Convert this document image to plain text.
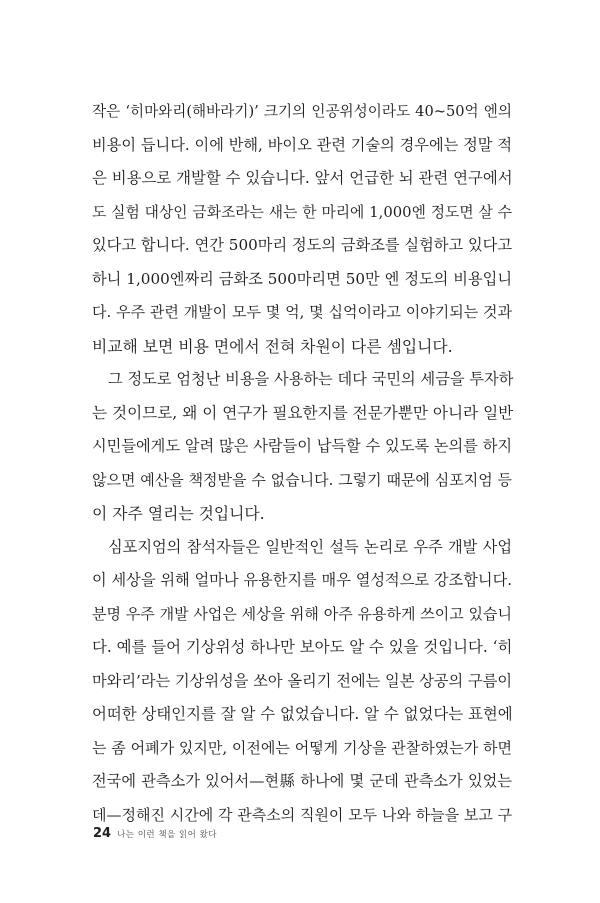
작은 ‘히마와리(해바라기)’ 크기의 인공위성이라도 40~50억 엔의
비용이 듭니다. 이에 반해, 바이오 관련 기술의 경우에는 정말 적
은 비용으로 개발할 수 있습니다. 앞서 언급한 뇌 관련 연구에서
도 실험 대상인 금화조라는 새는 한 마리에 1,000엔 정도면 살 수
있다고 합니다. 연간 500마리 정도의 금화조를 실험하고 있다고
하니 1,000엔짜리 금화조 500마리면 50만 엔 정도의 비용입니
다. 우주 관련 개발이 모두 몇 억, 몇 십억이라고 이야기되는 것과
비교해 보면 비용 면에서 전혀 차원이 다른 셈입니다.
그 정도로 엄청난 비용을 사용하는 데다 국민의 세금을 투자하
는 것이므로, 왜 이 연구가 필요한지를 전문가뿐만 아니라 일반
시민들에게도 알려 많은 사람들이 납득할 수 있도록 논의를 하지
않으면 예산을 책정받을 수 없습니다. 그렇기 때문에 심포지엄 등
이 자주 열리는 것입니다.
심포지엄의 참석자들은 일반적인 설득 논리로 우주 개발 사업
이 세상을 위해 얼마나 유용한지를 매우 열성적으로 강조합니다.
분명 우주 개발 사업은 세상을 위해 아주 유용하게 쓰이고 있습니
다. 예를 들어 기상위성 하나만 보아도 알 수 있을 것입니다. ‘히
마와리’라는 기상위성을 쏘아 올리기 전에는 일본 상공의 구름이
어떠한 상태인지를 잘 알 수 없었습니다. 알 수 없었다는 표현에
는 좀 어폐가 있지만, 이전에는 어떻게 기상을 관찰하였는가 하면
전국에 관측소가 있어서—현縣 하나에 몇 군데 관측소가 있었는
데—정해진 시간에 각 관측소의 직원이 모두 나와 하늘을 보고 구
24 나는 이런 책을 읽어 왔다
